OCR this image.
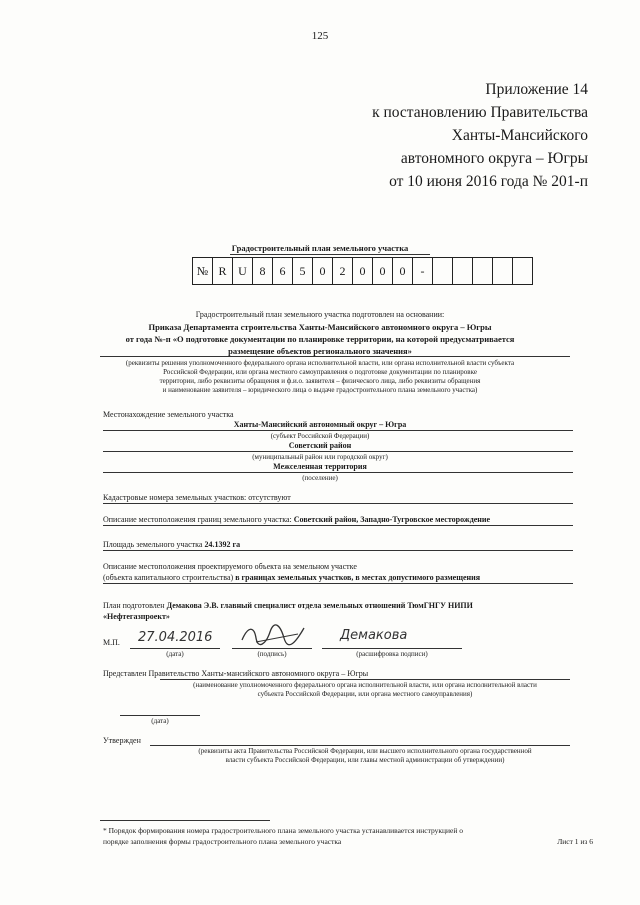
125
Приложение 14
к постановлению Правительства
Ханты-Мансийского
автономного округа – Югры
от 10 июня 2016 года № 201-п
Градостроительный план земельного участка
№ R U	8	6	5	0	2	0	0	0	-
Градостроительный план земельного участка подготовлен на основании:
Приказа Департамента строительства Ханты-Мансийского автономного округа – Югры
от года №-п «О подготовке документации по планировке территории, на которой предусматривается
размещение объектов регионального значения»
(реквизиты решения уполномоченного федерального органа исполнительной власти, или органа исполнительной власти субъекта
Российской Федерации, или органа местного самоуправления о подготовке документации по планировке
территории, либо реквизиты обращения и ф.и.о. заявителя – физического лица, либо реквизиты обращения
и наименование заявителя – юридического лица о выдаче градостроительного плана земельного участка)
Местонахождение земельного участка
Ханты-Мансийский автономный округ – Югра
(субъект Российской Федерации)
Советский район
(муниципальный район или городской округ)
Межселенная территория
(поселение)
Кадастровые номера земельных участков: отсутствуют
Описание местоположения границ земельного участка: Советский район, Западно-Тугровское месторождение
Площадь земельного участка 24.1392 га
Описание местоположения проектируемого объекта на земельном участке
(объекта капитального строительства) в границах земельных участков, в местах допустимого размещения
План подготовлен Демакова Э.В. главный специалист отдела земельных отношений ТюмГНГУ НИПИ
«Нефтегазпроект»
М.П. 27.04.2016
(дата)	(подпись)
Демакова
(расшифровка подписи)
Представлен Правительство Ханты-мансийского автономного округа – Югры
(наименование уполномоченного федерального органа исполнительной власти, или органа исполнительной власти
субъекта Российской Федерации, или органа местного самоуправления)
(дата)
Утвержден
(реквизиты акта Правительства Российской Федерации, или высшего исполнительного органа государственной
власти субъекта Российской Федерации, или главы местной администрации об утверждении)
* Порядок формирования номера градостроительного плана земельного участка устанавливается инструкцией о
порядке заполнения формы градостроительного плана земельного участка	Лист 1 из 6
